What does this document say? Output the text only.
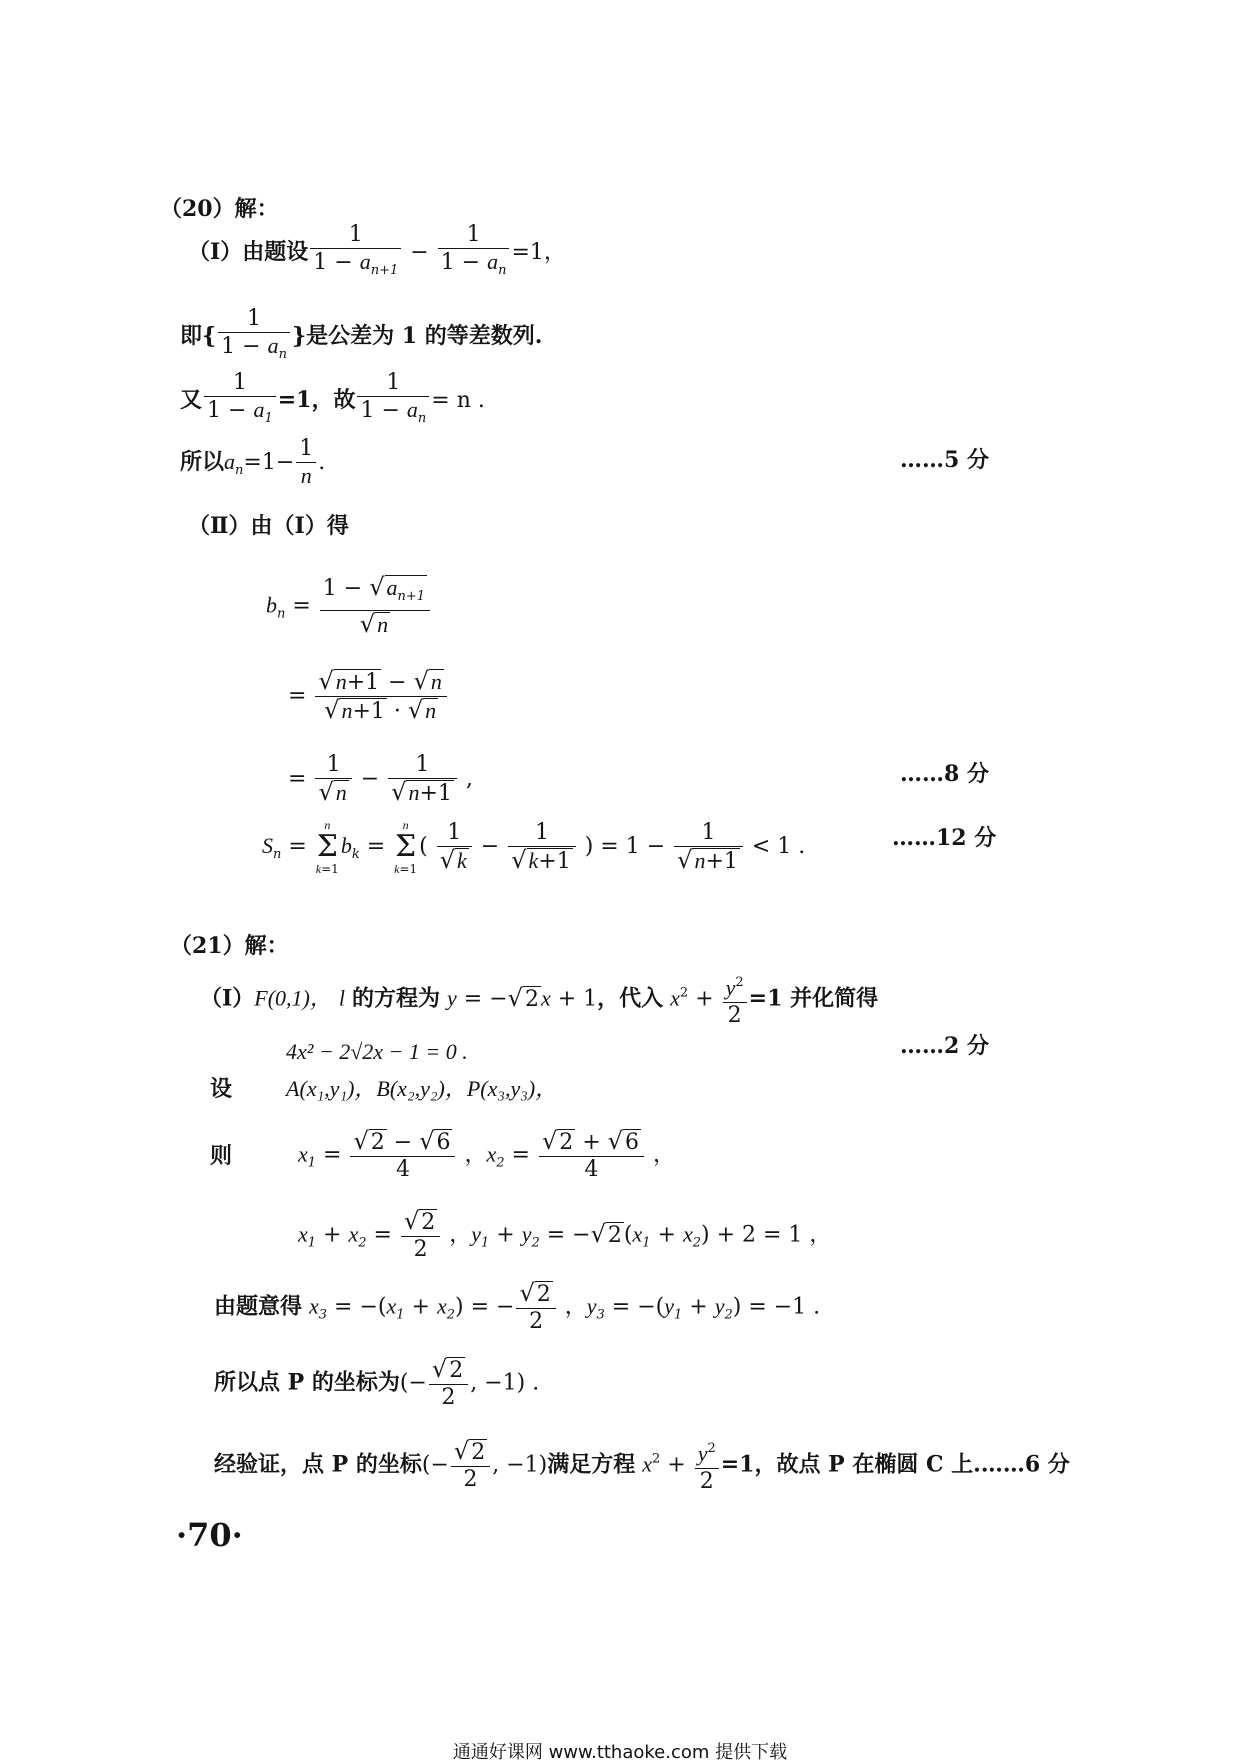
（20）解：
（Ⅰ）由题设 $\frac{1}{1 - a_{n+1}} - \frac{1}{1 - a_n} =1$，
即{ $\frac{1}{1 - a_n}$ }是公差为 1 的等差数列.
又 $\frac{1}{1 - a_1} =1$，故 $\frac{1}{1 - a_n} = n$ .
所以$a_n=1- \frac{1}{n}$ .	……5 分
（Ⅱ）由（Ⅰ）得
$b_n = \frac{1 - √a_{n+1}}{√n}$
= $\frac{√n+1 - √n}{√n+1 \cdot √n}$
= $\frac{1}{√n} - \frac{1}{√n+1}$ ,	……8 分
$S_n$ =
n
Σ
k=1
$b_k$ =
n
Σ
k=1
( $\frac{1}{√k} - \frac{1}{√k+1}$ ) = $1 - \frac{1}{√n+1} < 1$ .	……12 分
（21）解：
（Ⅰ）F(0,1)， l 的方程为 y = −√2x + 1，代入 $x^2 + \frac{y^2}{2} =1$ 并化简得
4x² − 2√2x − 1 = 0 .	……2 分
设 A(x₁,y₁)，B(x₂,y₂)，P(x₃,y₃)，
则	$x_1 = \frac{√2 - √6}{4}$ ，$x_2 = \frac{√2 + √6}{4}$ ，
$x_1 + x_2 = \frac{√2}{2}$ ，$y_1 + y_2 = -√2(x_1 + x_2) + 2 = 1$ ，
由题意得 $x_3 = -(x_1 + x_2)$ = − $\frac{√2}{2}$ ，$y_3 = -(y_1 + y_2) = -1$ .
所以点 P 的坐标为(− $\frac{√2}{2}$ , −1) .
经验证，点 P 的坐标(− $\frac{√2}{2}$ , −1)满足方程 $x^2 + \frac{y^2}{2} =1$，故点 P 在椭圆 C 上.……6 分
·70·
通通好课网 www.tthaoke.com 提供下载
